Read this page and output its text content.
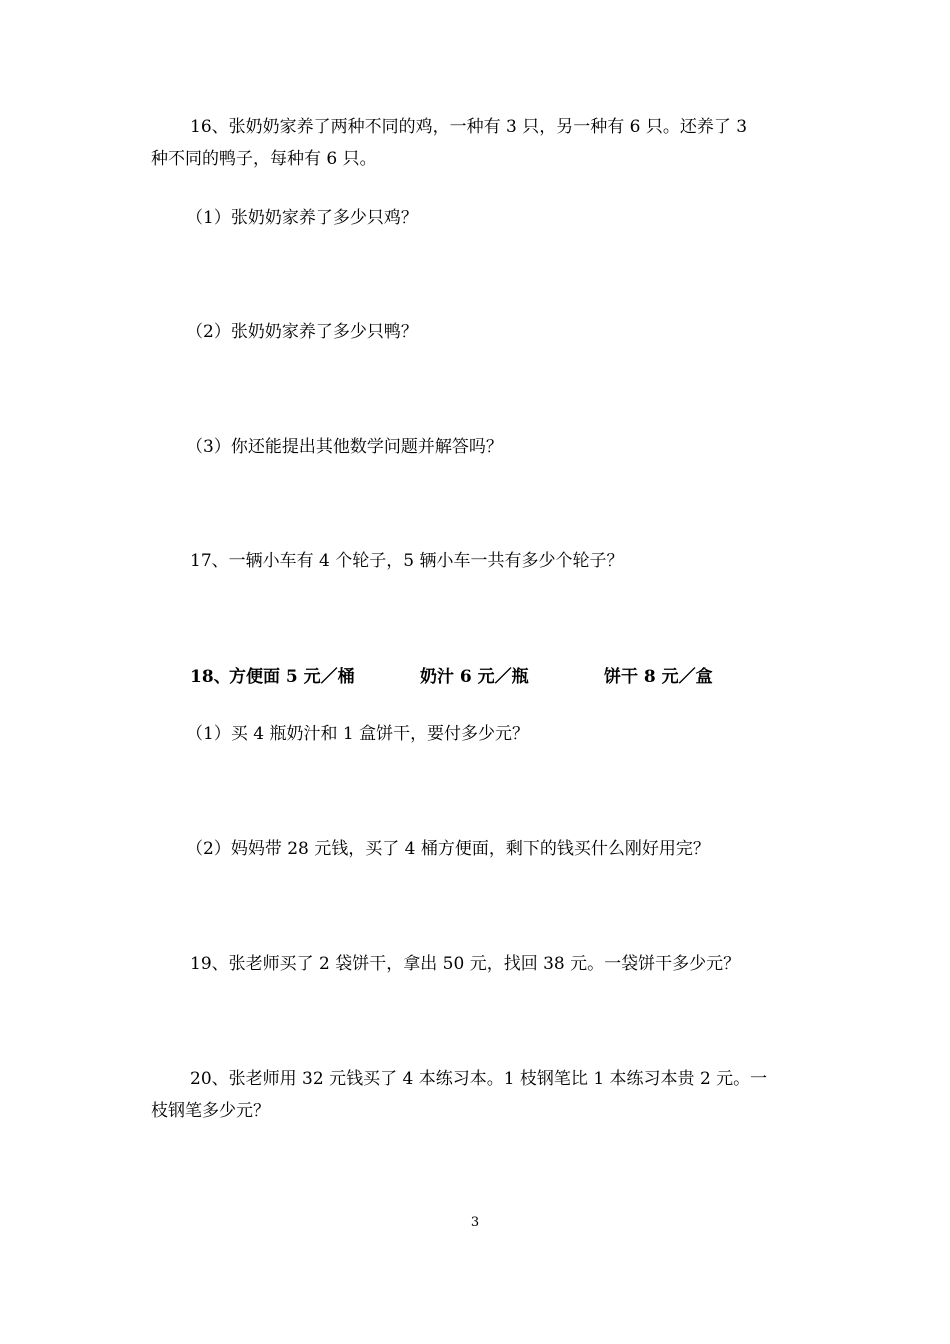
16、张奶奶家养了两种不同的鸡，一种有 3 只，另一种有 6 只。还养了 3
种不同的鸭子，每种有 6 只。
（1）张奶奶家养了多少只鸡？
（2）张奶奶家养了多少只鸭？
（3）你还能提出其他数学问题并解答吗？
17、一辆小车有 4 个轮子，5 辆小车一共有多少个轮子？
18、
方便面 5 元／桶	奶汁 6 元／瓶	饼干 8 元／盒
（1）买 4 瓶奶汁和 1 盒饼干，要付多少元？
（2）妈妈带 28 元钱，买了 4 桶方便面，剩下的钱买什么刚好用完？
19、张老师买了 2 袋饼干，拿出 50 元，找回 38 元。一袋饼干多少元？
20、张老师用 32 元钱买了 4 本练习本。1 枝钢笔比 1 本练习本贵 2 元。一
枝钢笔多少元？
3
